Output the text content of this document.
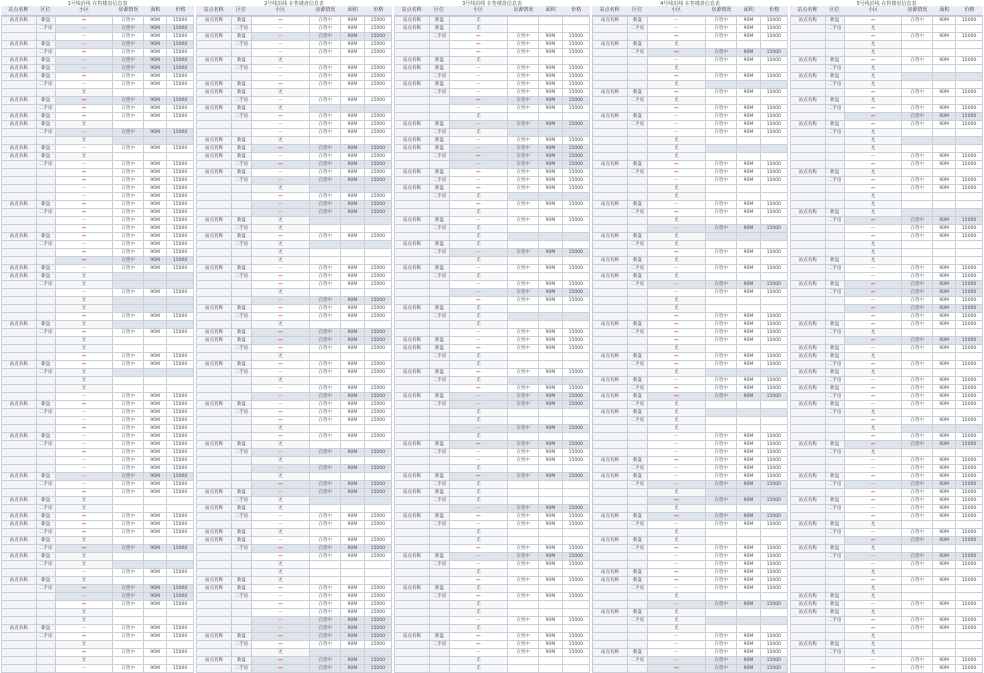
1号线沿线 在售楼盘信息表
站点名称	区位	小区	房源情况	面积	价格
站点名称	新盘	—	在售中	90M	15000
	二手房	—	在售中	90M	15000
		—	在售中	90M	15000
站点名称	新盘	—	在售中	90M	15000
	二手房	—	在售中	90M	15000
站点名称	新盘	—	在售中	90M	15000
站点名称	新盘	—	在售中	90M	15000
站点名称	新盘	—	在售中	90M	15000
	二手房	—	在售中	90M	15000
		无			
站点名称	新盘	—	在售中	90M	15000
	二手房	—	在售中	90M	15000
站点名称	新盘	—	在售中	90M	15000
站点名称	新盘	无			
	二手房	—	在售中	90M	15000
		无			
站点名称	新盘	—	在售中	90M	15000
站点名称	新盘	无			
	二手房	—	在售中	90M	15000
		—	在售中	90M	15000
		—	在售中	90M	15000
		—	在售中	90M	15000
		—	在售中	90M	15000
站点名称	新盘	—	在售中	90M	15000
	二手房	—	在售中	90M	15000
		—	在售中	90M	15000
		—	在售中	90M	15000
站点名称	新盘	—	在售中	90M	15000
	二手房	—	在售中	90M	15000
		—	在售中	90M	15000
		—	在售中	90M	15000
站点名称	新盘	—	在售中	90M	15000
站点名称	新盘	无			
	二手房	无			
		—	在售中	90M	15000
		无			
		无			
		—	在售中	90M	15000
站点名称	新盘	无			
	二手房	—	在售中	90M	15000
		无			
		无			
		—	在售中	90M	15000
站点名称	新盘	—	在售中	90M	15000
	二手房	无			
		无			
		无			
		—	在售中	90M	15000
站点名称	新盘	—	在售中	90M	15000
	二手房	—	在售中	90M	15000
		—	在售中	90M	15000
		—	在售中	90M	15000
站点名称	新盘	—	在售中	90M	15000
	二手房	—	在售中	90M	15000
		—	在售中	90M	15000
		—	在售中	90M	15000
		—	在售中	90M	15000
站点名称	新盘	—	在售中	90M	15000
	二手房	—	在售中	90M	15000
		—	在售中	90M	15000
站点名称	新盘	无			
	二手房	无			
站点名称	新盘	—	在售中	90M	15000
站点名称	新盘	—	在售中	90M	15000
	二手房	—	在售中	90M	15000
站点名称	新盘	无			
	二手房	—	在售中	90M	15000
站点名称	新盘	无			
	二手房	无			
		—	在售中	90M	15000
站点名称	新盘	无			
	二手房	—	在售中	90M	15000
		—	在售中	90M	15000
		—	在售中	90M	15000
		无			
		无			
站点名称	新盘	—	在售中	90M	15000
	二手房	—	在售中	90M	15000
		无			
		—	在售中	90M	15000
		无			
		—	在售中	90M	15000
2号线沿线 在售楼盘信息表
站点名称	区位	小区	房源情况	面积	价格
站点名称	新盘	—	在售中	90M	15000
	二手房	—	在售中	90M	15000
站点名称	新盘	—	在售中	90M	15000
	二手房	—	在售中	90M	15000
		—	在售中	90M	15000
站点名称	新盘	无			
	二手房	—	在售中	90M	15000
		—	在售中	90M	15000
站点名称	新盘	—	在售中	90M	15000
站点名称	新盘	无			
	二手房	—	在售中	90M	15000
站点名称	新盘	无			
	二手房	—	在售中	90M	15000
		—	在售中	90M	15000
		—	在售中	90M	15000
站点名称	新盘	无			
站点名称	新盘	—	在售中	90M	15000
站点名称	新盘	—	在售中	90M	15000
	二手房	—	在售中	90M	15000
站点名称	新盘	—	在售中	90M	15000
	二手房	—	在售中	90M	15000
		无			
		—	在售中	90M	15000
		—	在售中	90M	15000
		—	在售中	90M	15000
站点名称	新盘	无			
	二手房	无			
站点名称	新盘	—	在售中	90M	15000
	二手房	无			
		无			
		无			
站点名称	新盘	—	在售中	90M	15000
	二手房	—	在售中	90M	15000
		—	在售中	90M	15000
		无			
		—	在售中	90M	15000
站点名称	新盘	—	在售中	90M	15000
	二手房	—	在售中	90M	15000
		无			
站点名称	新盘	—	在售中	90M	15000
站点名称	新盘	—	在售中	90M	15000
	二手房	—	在售中	90M	15000
		无			
站点名称	新盘	—	在售中	90M	15000
	二手房	—	在售中	90M	15000
		无			
		—	在售中	90M	15000
		—	在售中	90M	15000
站点名称	新盘	—	在售中	90M	15000
	二手房	—	在售中	90M	15000
		—	在售中	90M	15000
		无			
		—	在售中	90M	15000
站点名称	新盘	无			
	二手房	—	在售中	90M	15000
		无			
		—	在售中	90M	15000
		无			
		—	在售中	90M	15000
站点名称	新盘	—	在售中	90M	15000
	二手房	无			
站点名称	新盘	无			
	二手房	—	在售中	90M	15000
		—	在售中	90M	15000
站点名称	新盘	无			
站点名称	新盘	—	在售中	90M	15000
	二手房	—	在售中	90M	15000
		—	在售中	90M	15000
		无			
		无			
站点名称	新盘	无			
站点名称	新盘	—	在售中	90M	15000
	二手房	—	在售中	90M	15000
		—	在售中	90M	15000
		—	在售中	90M	15000
		—	在售中	90M	15000
		—	在售中	90M	15000
站点名称	新盘	—	在售中	90M	15000
	二手房	—	在售中	90M	15000
		无			
站点名称	新盘	—	在售中	90M	15000
	二手房	—	在售中	90M	15000
3号线沿线 在售楼盘信息表
站点名称	区位	小区	房源情况	面积	价格
站点名称	新盘	无			
站点名称	新盘	无			
	二手房	—	在售中	90M	15000
		—	在售中	90M	15000
		—	在售中	90M	15000
站点名称	新盘	无			
站点名称	新盘	—	在售中	90M	15000
	二手房	—	在售中	90M	15000
站点名称	新盘	—	在售中	90M	15000
	二手房	—	在售中	90M	15000
		—	在售中	90M	15000
		—	在售中	90M	15000
		无			
站点名称	新盘	—	在售中	90M	15000
	二手房	无			
站点名称	新盘	—	在售中	90M	15000
站点名称	新盘	—	在售中	90M	15000
	二手房	—	在售中	90M	15000
		—	在售中	90M	15000
站点名称	新盘	—	在售中	90M	15000
	二手房	—	在售中	90M	15000
站点名称	新盘	—	在售中	90M	15000
	二手房	无			
		—	在售中	90M	15000
		无			
站点名称	新盘	—	在售中	90M	15000
	二手房	无			
		无			
站点名称	新盘	无			
	二手房	—	在售中	90M	15000
		无			
站点名称	新盘	—	在售中	90M	15000
	二手房	无			
		—	在售中	90M	15000
		—	在售中	90M	15000
		—	在售中	90M	15000
站点名称	新盘	无			
	二手房	无			
		无			
		—	在售中	90M	15000
站点名称	新盘	—	在售中	90M	15000
站点名称	新盘	—	在售中	90M	15000
	二手房	无			
		无			
站点名称	新盘	—	在售中	90M	15000
	二手房	无			
		—	在售中	90M	15000
站点名称	新盘	—	在售中	90M	15000
	二手房	—	在售中	90M	15000
		无			
		无			
		—	在售中	90M	15000
		无			
站点名称	新盘	—	在售中	90M	15000
	二手房	—	在售中	90M	15000
		—	在售中	90M	15000
		无			
站点名称	新盘	—	在售中	90M	15000
	二手房	无			
站点名称	新盘	无			
	二手房	无			
		—	在售中	90M	15000
站点名称	新盘	—	在售中	90M	15000
	二手房	—	在售中	90M	15000
		无			
		无			
		—	在售中	90M	15000
站点名称	新盘	—	在售中	90M	15000
	二手房	—	在售中	90M	15000
		无			
		—	在售中	90M	15000
站点名称	新盘	无			
	二手房	—	在售中	90M	15000
		无			
		无			
		—	在售中	90M	15000
		无			
站点名称	新盘	—	在售中	90M	15000
	二手房	—	在售中	90M	15000
		—	在售中	90M	15000
		无			
		无			
4号线沿线 在售楼盘信息表
站点名称	区位	小区	房源情况	面积	价格
站点名称	新盘	—	在售中	90M	15000
	二手房	—	在售中	90M	15000
		—	在售中	90M	15000
站点名称	新盘	无			
	二手房	—	在售中	90M	15000
		—	在售中	90M	15000
		无			
		—	在售中	90M	15000
		无			
站点名称	新盘	—	在售中	90M	15000
	二手房	无			
		—	在售中	90M	15000
站点名称	新盘	—	在售中	90M	15000
	二手房	—	在售中	90M	15000
		—	在售中	90M	15000
		无			
		无			
		无			
站点名称	新盘	—	在售中	90M	15000
	二手房	—	在售中	90M	15000
		—	在售中	90M	15000
		无			
		无			
站点名称	新盘	—	在售中	90M	15000
	二手房	—	在售中	90M	15000
		无			
		—	在售中	90M	15000
站点名称	新盘	无			
	二手房	无			
		—	在售中	90M	15000
站点名称	新盘	无			
	二手房	—	在售中	90M	15000
站点名称	新盘	无			
	二手房	—	在售中	90M	15000
		—	在售中	90M	15000
		无			
		无			
		—	在售中	90M	15000
站点名称	新盘	—	在售中	90M	15000
	二手房	—	在售中	90M	15000
		—	在售中	90M	15000
		无			
站点名称	新盘	—	在售中	90M	15000
	二手房	—	在售中	90M	15000
		无			
站点名称	新盘	—	在售中	90M	15000
	二手房	—	在售中	90M	15000
站点名称	新盘	—	在售中	90M	15000
	二手房	无			
站点名称	新盘	无			
	二手房	无			
		无			
		—	在售中	90M	15000
		—	在售中	90M	15000
		—	在售中	90M	15000
站点名称	新盘	—	在售中	90M	15000
	二手房	—	在售中	90M	15000
站点名称	新盘	—	在售中	90M	15000
	二手房	—	在售中	90M	15000
		无			
		—	在售中	90M	15000
		无			
站点名称	新盘	—	在售中	90M	15000
	二手房	—	在售中	90M	15000
		无			
站点名称	新盘	无			
	二手房	—	在售中	90M	15000
		—	在售中	90M	15000
		—	在售中	90M	15000
站点名称	新盘	—	在售中	90M	15000
站点名称	新盘	—	在售中	90M	15000
	二手房	—	在售中	90M	15000
		无			
		—	在售中	90M	15000
站点名称	新盘	无			
	二手房	无			
		无			
		—	在售中	90M	15000
		—	在售中	90M	15000
站点名称	新盘	—	在售中	90M	15000
	二手房	—	在售中	90M	15000
		—	在售中	90M	15000
5号线沿线 在售楼盘信息表
站点名称	区位	小区	房源情况	面积	价格
站点名称	新盘	—	在售中	90M	15000
	二手房	无			
		—	在售中	90M	15000
		无			
		无			
站点名称	新盘	—	在售中	90M	15000
	二手房	无			
站点名称	新盘	无			
	二手房	无			
		—	在售中	90M	15000
站点名称	新盘	无			
	二手房	—	在售中	90M	15000
		—	在售中	90M	15000
站点名称	新盘	—	在售中	90M	15000
	二手房	无			
		无			
		无			
		—	在售中	90M	15000
		—	在售中	90M	15000
站点名称	新盘	无			
	二手房	—	在售中	90M	15000
		—	在售中	90M	15000
		无			
		无			
站点名称	新盘	无			
	二手房	—	在售中	90M	15000
		—	在售中	90M	15000
		—	在售中	90M	15000
		无			
		无			
站点名称	新盘	无			
	二手房	—	在售中	90M	15000
		—	在售中	90M	15000
站点名称	新盘	—	在售中	90M	15000
	二手房	—	在售中	90M	15000
		—	在售中	90M	15000
		—	在售中	90M	15000
		—	在售中	90M	15000
站点名称	新盘	—	在售中	90M	15000
	二手房	无			
		—	在售中	90M	15000
站点名称	新盘	—	在售中	90M	15000
站点名称	新盘	无			
	二手房	—	在售中	90M	15000
站点名称	新盘	无			
	二手房	—	在售中	90M	15000
站点名称	新盘	—	在售中	90M	15000
	二手房	—	在售中	90M	15000
站点名称	新盘	—	在售中	90M	15000
	二手房	无			
		—	在售中	90M	15000
		无			
		—	在售中	90M	15000
站点名称	新盘	—	在售中	90M	15000
	二手房	无			
		—	在售中	90M	15000
		—	在售中	90M	15000
站点名称	新盘	—	在售中	90M	15000
	二手房	—	在售中	90M	15000
		—	在售中	90M	15000
站点名称	新盘	—	在售中	90M	15000
	二手房	—	在售中	90M	15000
		—	在售中	90M	15000
站点名称	新盘	无			
	二手房	—	在售中	90M	15000
		—	在售中	90M	15000
站点名称	新盘	无			
	二手房	—	在售中	90M	15000
		—	在售中	90M	15000
		无			
		—	在售中	90M	15000
		无			
站点名称	新盘	无			
站点名称	新盘	—	在售中	90M	15000
站点名称	新盘	无			
	二手房	—	在售中	90M	15000
		—	在售中	90M	15000
		无			
站点名称	新盘	无			
	二手房	无			
		—	在售中	90M	15000
		—	在售中	90M	15000
